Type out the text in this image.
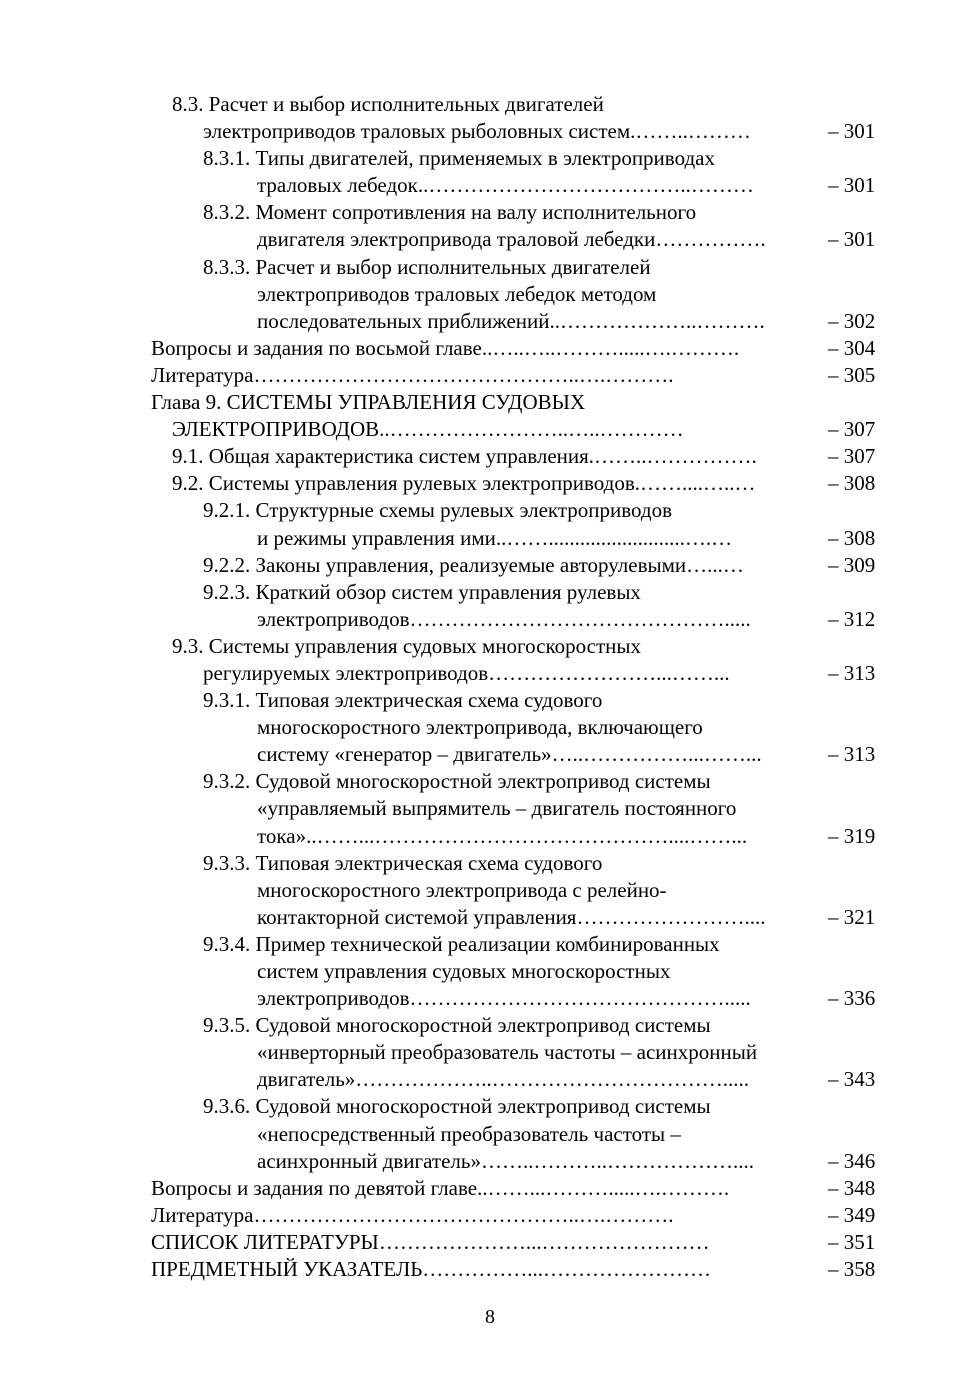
8.3. Расчет и выбор исполнительных двигателей
электроприводов траловых рыболовных систем.……..………	– 301
8.3.1. Типы двигателей, применяемых в электроприводах
траловых лебедок..………………………………..………	– 301
8.3.2. Момент сопротивления на валу исполнительного
двигателя электропривода траловой лебедки…………….	– 301
8.3.3. Расчет и выбор исполнительных двигателей
электроприводов траловых лебедок методом
последовательных приближений..………………..……….	– 302
Вопросы и задания по восьмой главе..…..…..……….....….……….	– 304
Литература………………………………………..….……….	– 305
Глава 9. СИСТЕМЫ УПРАВЛЕНИЯ СУДОВЫХ
ЭЛЕКТРОПРИВОДОВ..……………………..…..…………	– 307
9.1. Общая характеристика систем управления.……..…………….	– 307
9.2. Системы управления рулевых электроприводов.……....…..…	– 308
9.2.1. Структурные схемы рулевых электроприводов
и режимы управления ими..……..........................….…	– 308
9.2.2. Законы управления, реализуемые авторулевыми…...…	– 309
9.2.3. Краткий обзор систем управления рулевых
электроприводов……………………………………….....	– 312
9.3. Системы управления судовых многоскоростных
регулируемых электроприводов……………………...……...	– 313
9.3.1. Типовая электрическая схема судового
многоскоростного электропривода, включающего
систему «генератор – двигатель»…..……………...……...	– 313
9.3.2. Судовой многоскоростной электропривод системы
«управляемый выпрямитель – двигатель постоянного
тока»..……...……………………………………....……...	– 319
9.3.3. Типовая электрическая схема судового
многоскоростного электропривода с релейно-
контакторной системой управления……………………....	– 321
9.3.4. Пример технической реализации комбинированных
систем управления судовых многоскоростных
электроприводов……………………………………….....	– 336
9.3.5. Судовой многоскоростной электропривод системы
«инверторный преобразователь частоты – асинхронный
двигатель»………………..…………………………….....	– 343
9.3.6. Судовой многоскоростной электропривод системы
«непосредственный преобразователь частоты –
асинхронный двигатель»……..………..………………....	– 346
Вопросы и задания по девятой главе..……...……….....….……….	– 348
Литература………………………………………..….……….	– 349
СПИСОК ЛИТЕРАТУРЫ…………………...……………………	– 351
ПРЕДМЕТНЫЙ УКАЗАТЕЛЬ……………...……………………	– 358
8
